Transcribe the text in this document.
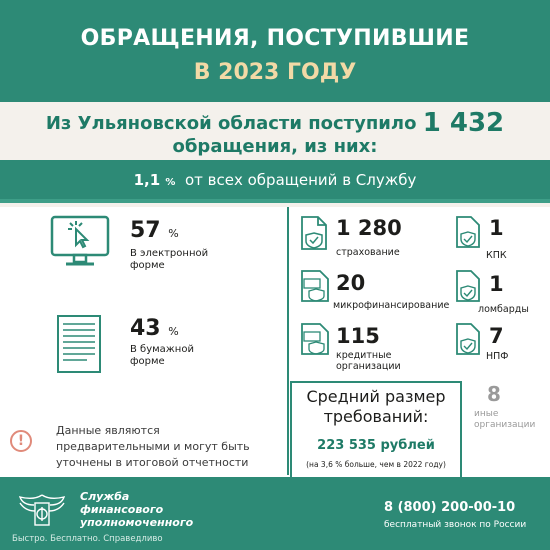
ОБРАЩЕНИЯ, ПОСТУПИВШИЕ
В 2023 ГОДУ
Из Ульяновской области поступило 1 432
обращения, из них:
1,1 % от всех обращений в Службу
57 %
В электронной форме
43 %
В бумажной форме
1 280
страхование
20
микрофинансирование
115
кредитные
организации
1
КПК
1
ломбарды
7
НПФ
Средний размер
требований:
223 535 рублей
(на 3,6 % больше, чем в 2022 году)
8
иные
организации
!
Данные являются
предварительными и могут быть
уточнены в итоговой отчетности
Служба
финансового
уполномоченного
Быстро. Бесплатно. Справедливо
8 (800) 200-00-10
бесплатный звонок по России
